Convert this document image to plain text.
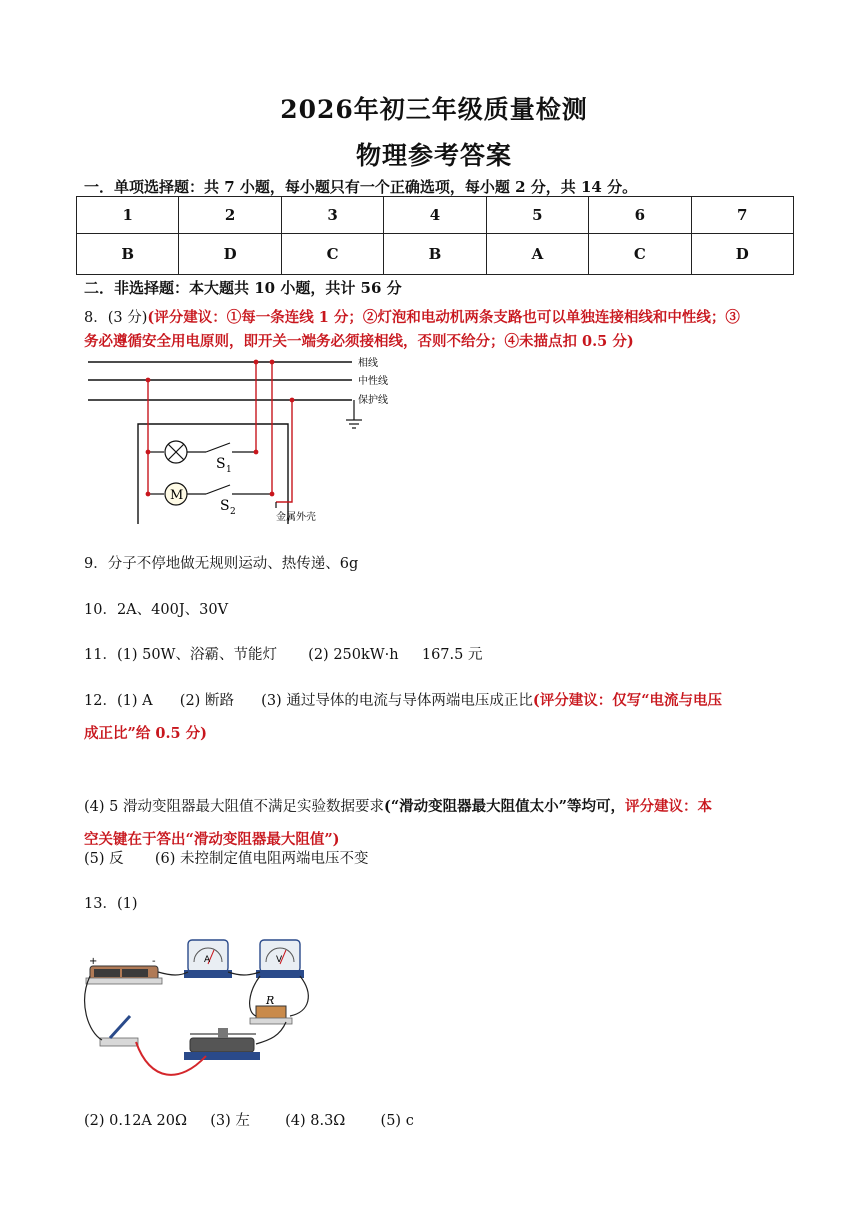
2026年初三年级质量检测
物理参考答案
一．单项选择题：共 7 小题，每小题只有一个正确选项，每小题 2 分，共 14 分。
1	2	3	4	5	6	7
B	D	C	B	A	C	D
二．非选择题：本大题共 10 小题，共计 56 分
8．(3 分)(评分建议：①每一条连线 1 分；②灯泡和电动机两条支路也可以单独连接相线和中性线；③
务必遵循安全用电原则，即开关一端务必须接相线，否则不给分；④未描点扣 0.5 分)
相线
中性线
保护线
S 1
M
S 2	金属外壳
9．分子不停地做无规则运动、热传递、6g
10．2A、400J、30V
11．(1) 50W、浴霸、节能灯 (2) 250kW·h 167.5 元
12．(1) A (2) 断路 (3) 通过导体的电流与导体两端电压成正比(评分建议：仅写“电流与电压
成正比”给 0.5 分)
(4) 5 滑动变阻器最大阻值不满足实验数据要求(“滑动变阻器最大阻值太小”等均可，评分建议：本
空关键在于答出“滑动变阻器最大阻值”)
(5) 反 (6) 未控制定值电阻两端电压不变
13．(1)
+	-	A	V
R
(2) 0.12A 20Ω (3) 左 (4) 8.3Ω (5) c
